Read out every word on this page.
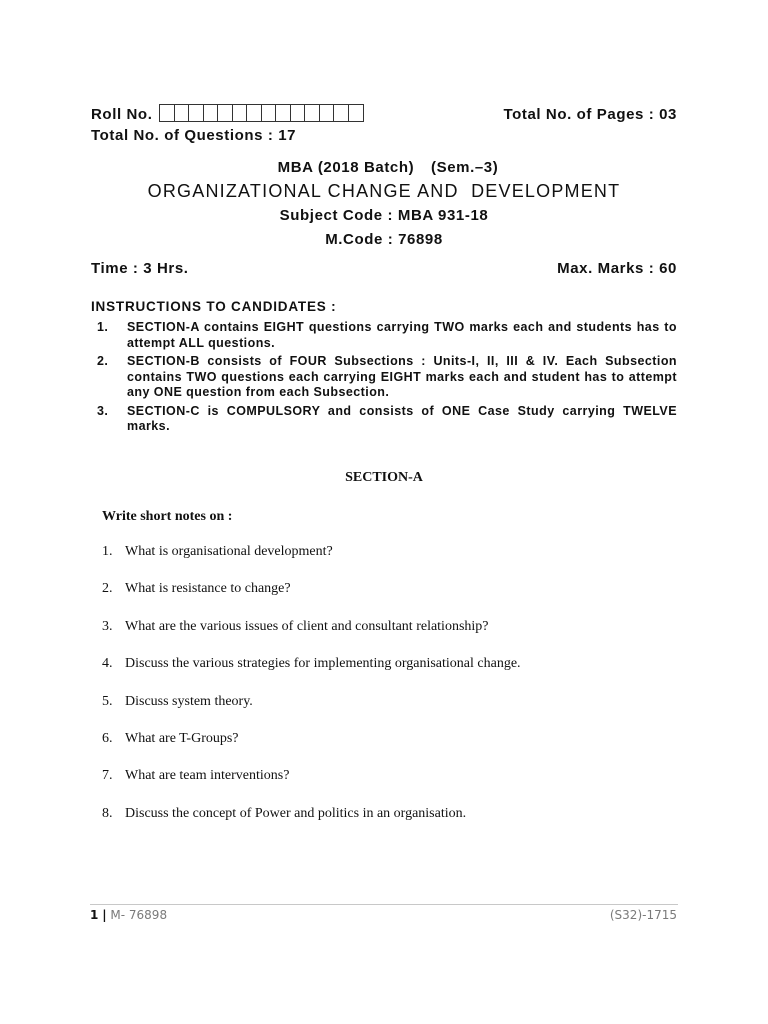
Roll No.	Total No. of Pages : 03
Total No. of Questions : 17
MBA (2018 Batch) (Sem.–3)
ORGANIZATIONAL CHANGE AND  DEVELOPMENT
Subject Code : MBA 931-18
M.Code : 76898
Time : 3 Hrs.	Max. Marks : 60
INSTRUCTIONS TO CANDIDATES :
1. SECTION-A contains EIGHT questions carrying TWO marks each and students has to attempt ALL questions.
2. SECTION-B consists of FOUR Subsections : Units-I, II, III & IV. Each Subsection contains TWO questions each carrying EIGHT marks each and student has to attempt any ONE question from each Subsection.
3. SECTION-C is COMPULSORY and consists of ONE Case Study carrying TWELVE marks.
SECTION-A
Write short notes on :
1. What is organisational development?
2. What is resistance to change?
3. What are the various issues of client and consultant relationship?
4. Discuss the various strategies for implementing organisational change.
5. Discuss system theory.
6. What are T-Groups?
7. What are team interventions?
8. Discuss the concept of Power and politics in an organisation.
1 | M- 76898	(S32)-1715
